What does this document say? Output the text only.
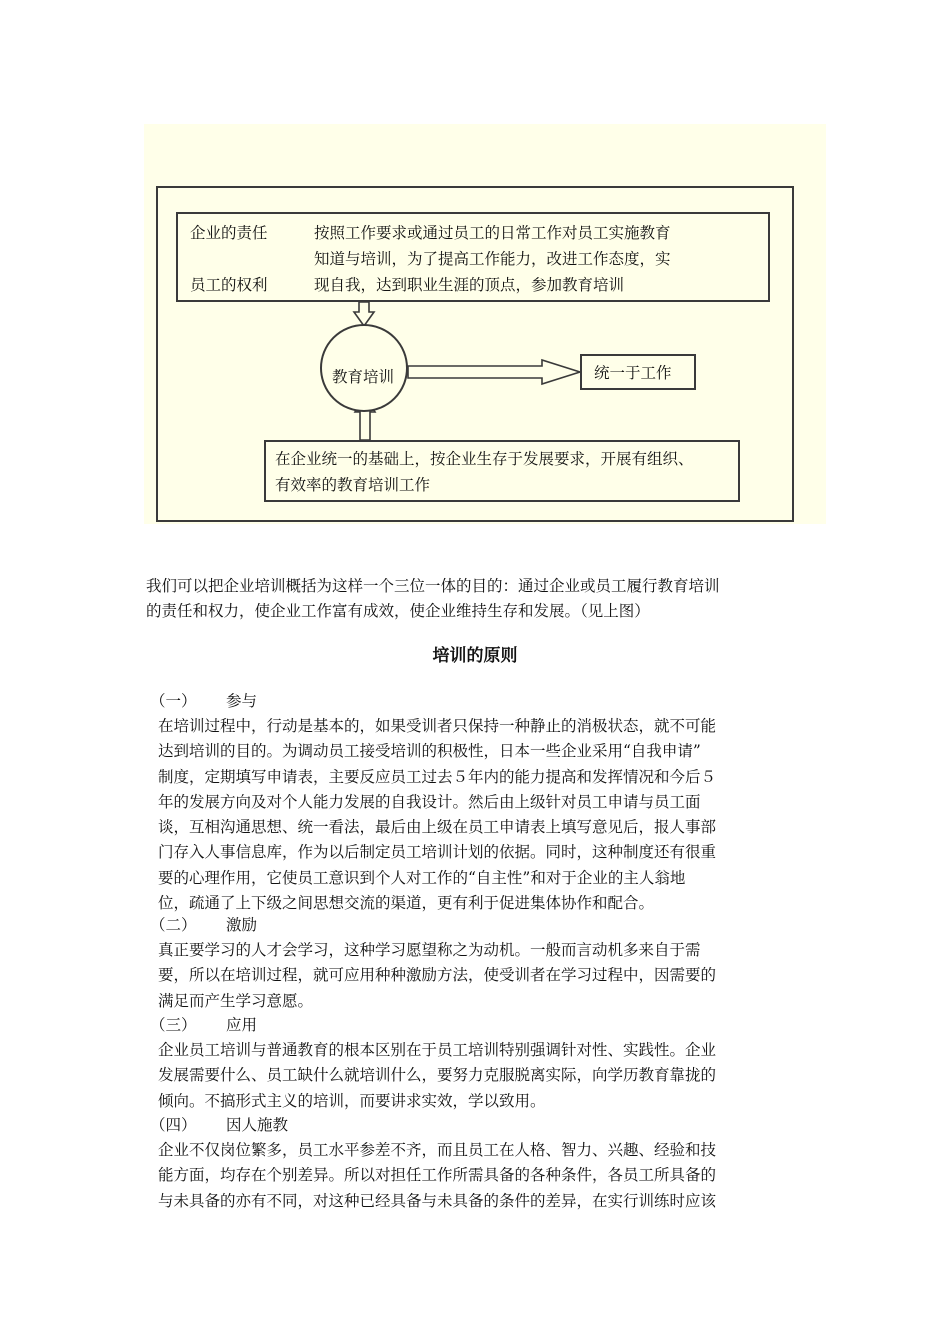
企业的责任
员工的权利
按照工作要求或通过员工的日常工作对员工实施教育
知道与培训，为了提高工作能力，改进工作态度，实
现自我，达到职业生涯的顶点，参加教育培训
教育培训	统一于工作
在企业统一的基础上，按企业生存于发展要求，开展有组织、
有效率的教育培训工作
我们可以把企业培训概括为这样一个三位一体的目的：通过企业或员工履行教育培训
的责任和权力，使企业工作富有成效，使企业维持生存和发展。（见上图）
培训的原则
（一） 参与
在培训过程中，行动是基本的，如果受训者只保持一种静止的消极状态，就不可能
达到培训的目的。为调动员工接受培训的积极性，日本一些企业采用“自我申请”
制度，定期填写申请表，主要反应员工过去５年内的能力提高和发挥情况和今后５
年的发展方向及对个人能力发展的自我设计。然后由上级针对员工申请与员工面
谈，互相沟通思想、统一看法，最后由上级在员工申请表上填写意见后，报人事部
门存入人事信息库，作为以后制定员工培训计划的依据。同时，这种制度还有很重
要的心理作用，它使员工意识到个人对工作的“自主性”和对于企业的主人翁地
位，疏通了上下级之间思想交流的渠道，更有利于促进集体协作和配合。
（二） 激励
真正要学习的人才会学习，这种学习愿望称之为动机。一般而言动机多来自于需
要，所以在培训过程，就可应用种种激励方法，使受训者在学习过程中，因需要的
满足而产生学习意愿。
（三） 应用
企业员工培训与普通教育的根本区别在于员工培训特别强调针对性、实践性。企业
发展需要什么、员工缺什么就培训什么，要努力克服脱离实际，向学历教育靠拢的
倾向。不搞形式主义的培训，而要讲求实效，学以致用。
（四） 因人施教
企业不仅岗位繁多，员工水平参差不齐，而且员工在人格、智力、兴趣、经验和技
能方面，均存在个别差异。所以对担任工作所需具备的各种条件，各员工所具备的
与未具备的亦有不同，对这种已经具备与未具备的条件的差异，在实行训练时应该
